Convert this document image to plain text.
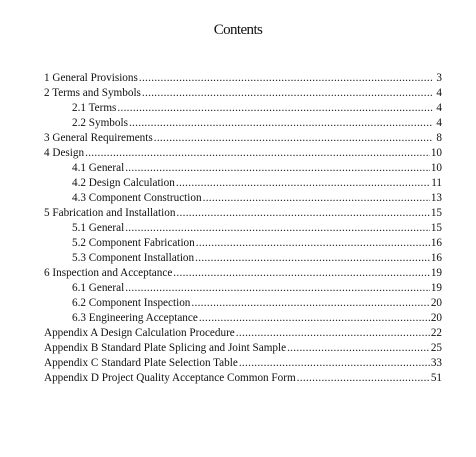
Contents
1 General Provisions .....	3
2 Terms and Symbols .....	4
2.1 Terms .....	4
2.2 Symbols .....	4
3 General Requirements .....	8
4 Design .....	10
4.1 General .....	10
4.2 Design Calculation .....	11
4.3 Component Construction .....	13
5 Fabrication and Installation .....	15
5.1 General .....	15
5.2 Component Fabrication .....	16
5.3 Component Installation .....	16
6 Inspection and Acceptance .....	19
6.1 General .....	19
6.2 Component Inspection .....	20
6.3 Engineering Acceptance .....	20
Appendix A Design Calculation Procedure .....	22
Appendix B Standard Plate Splicing and Joint Sample .....	25
Appendix C Standard Plate Selection Table .....	33
Appendix D Project Quality Acceptance Common Form .....	51
